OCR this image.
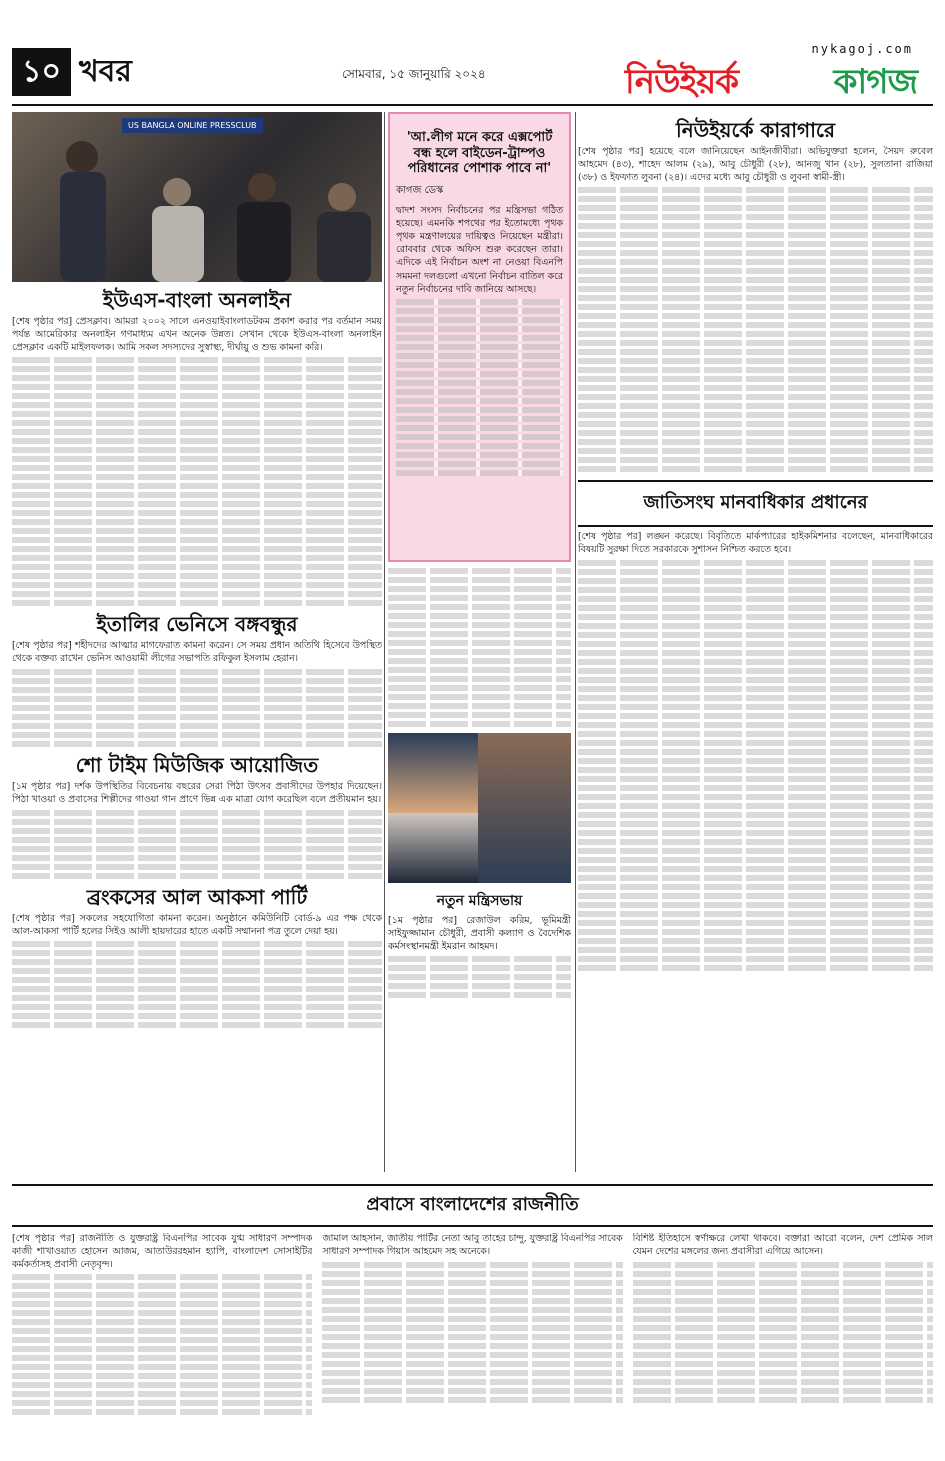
১০ খবর	সোমবার, ১৫ জানুয়ারি ২০২৪
nykagoj.com
নিউইয়র্ক	কাগজ
US BANGLA ONLINE PRESSCLUB
ইউএস-বাংলা অনলাইন
[শেষ পৃষ্ঠার পর] প্রেসক্লাব। আমরা ২০০২ সালে এনওয়াইবাংলাডটকম প্রকাশ করার পর বর্তমান সময় পর্যন্ত আমেরিকার অনলাইন গণমাধ্যম এখন অনেক উন্নত। সেখান থেকে ইউএস-বাংলা অনলাইন প্রেসক্লাব একটি মাইলফলক। আমি সকল সদস্যদের সুস্বাস্থ্য, দীর্ঘায়ু ও শুভ কামনা করি।
ইতালির ভেনিসে বঙ্গবন্ধুর
[শেষ পৃষ্ঠার পর] শহীদদের আত্মার মাগফেরাত কামনা করেন। সে সময় প্রধান অতিথি হিসেবে উপস্থিত থেকে বক্তব্য রাখেন ভেনিস আওয়ামী লীগের সভাপতি রফিকুল ইসলাম হেরান।
শো টাইম মিউজিক আয়োজিত
[১ম পৃষ্ঠার পর] দর্শক উপস্থিতির বিবেচনায় বছরের সেরা পিঠা উৎসব প্রবাসীদের উপহার দিয়েছেন। পিঠা খাওয়া ও প্রবাসের শিল্পীদের গাওয়া গান প্রাণে ভিন্ন এক মাত্রা যোগ করেছিল বলে প্রতীয়মান হয়।
ব্রংকসের আল আকসা পার্টি
[শেষ পৃষ্ঠার পর] সকলের সহযোগিতা কামনা করেন। অনুষ্ঠানে কমিউনিটি বোর্ড-৯ এর পক্ষ থেকে আল-আকসা পার্টি হলের সিইও আলী হায়দারের হাতে একটি সম্মাননা পত্র তুলে দেয়া হয়।
'আ.লীগ মনে করে এক্সপোর্ট বন্ধ হলে বাইডেন-ট্রাম্পও পরিধানের পোশাক পাবে না'
কাগজ ডেস্ক
দ্বাদশ সংসদ নির্বাচনের পর মন্ত্রিসভা গঠিত হয়েছে। এমনকি শপথের পর ইতোমধ্যে পৃথক পৃথক মন্ত্রণালয়ের দায়িত্বও নিয়েছেন মন্ত্রীরা। রোববার থেকে অফিস শুরু করেছেন তারা। এদিকে এই নির্বাচন অংশ না নেওয়া বিএনপি সমমনা দলগুলো এখনো নির্বাচন বাতিল করে নতুন নির্বাচনের দাবি জানিয়ে আসছে।
নতুন মন্ত্রিসভায়
[১ম পৃষ্ঠার পর] রেজাউল করিম, ভূমিমন্ত্রী সাইফুজ্জামান চৌধুরী, প্রবাসী কল্যাণ ও বৈদেশিক কর্মসংস্থানমন্ত্রী ইমরান আহমদ।
নিউইয়র্কে কারাগারে
[শেষ পৃষ্ঠার পর] হয়েছে বলে জানিয়েছেন আইনজীবীরা। অভিযুক্তরা হলেন, সৈয়দ রুবেল আহমেদ (৪৩), শাহেদ আলম (২৯), আবু চৌধুরী (২৮), আনজু খান (২৮), সুলতানা রাজিয়া (৩৮) ও ইফফাত লুবনা (২৪)। এদের মধ্যে আবু চৌধুরী ও লুবনা স্বামী-স্ত্রী।
জাতিসংঘ মানবাধিকার প্রধানের
[শেষ পৃষ্ঠার পর] লঙ্ঘন করেছে। বিবৃতিতে মার্কপ্যারের হাইকমিশনার বলেছেন, মানবাধিকারের বিষয়টি সুরক্ষা দিতে সরকারকে সুশাসন নিশ্চিত করতে হবে।
প্রবাসে বাংলাদেশের রাজনীতি
[শেষ পৃষ্ঠার পর] রাজনীতি ও যুক্তরাষ্ট্র বিএনপির সাবেক যুগ্ম সাধারণ সম্পাদক কাজী শাখাওয়াত হোসেন আজম, আতাউররহমান হ্যাপি, বাংলাদেশ সোসাইটির কর্মকর্তাসহ প্রবাসী নেতৃবৃন্দ।
জামাল আহসান, জাতীয় পার্টির নেতা আবু তাহের চান্দু, যুক্তরাষ্ট্র বিএনপির সাবেক সাধারণ সম্পাদক গিয়াস আহমেদ সহ অনেকে।
বিশিষ্ট ইতিহাসে স্বর্ণাক্ষরে লেখা থাকবে। বক্তারা আরো বলেন, দেশ প্রেমিক সাল যেমন দেশের মঙ্গলের জন্য প্রবাসীরা এগিয়ে আসেন।
